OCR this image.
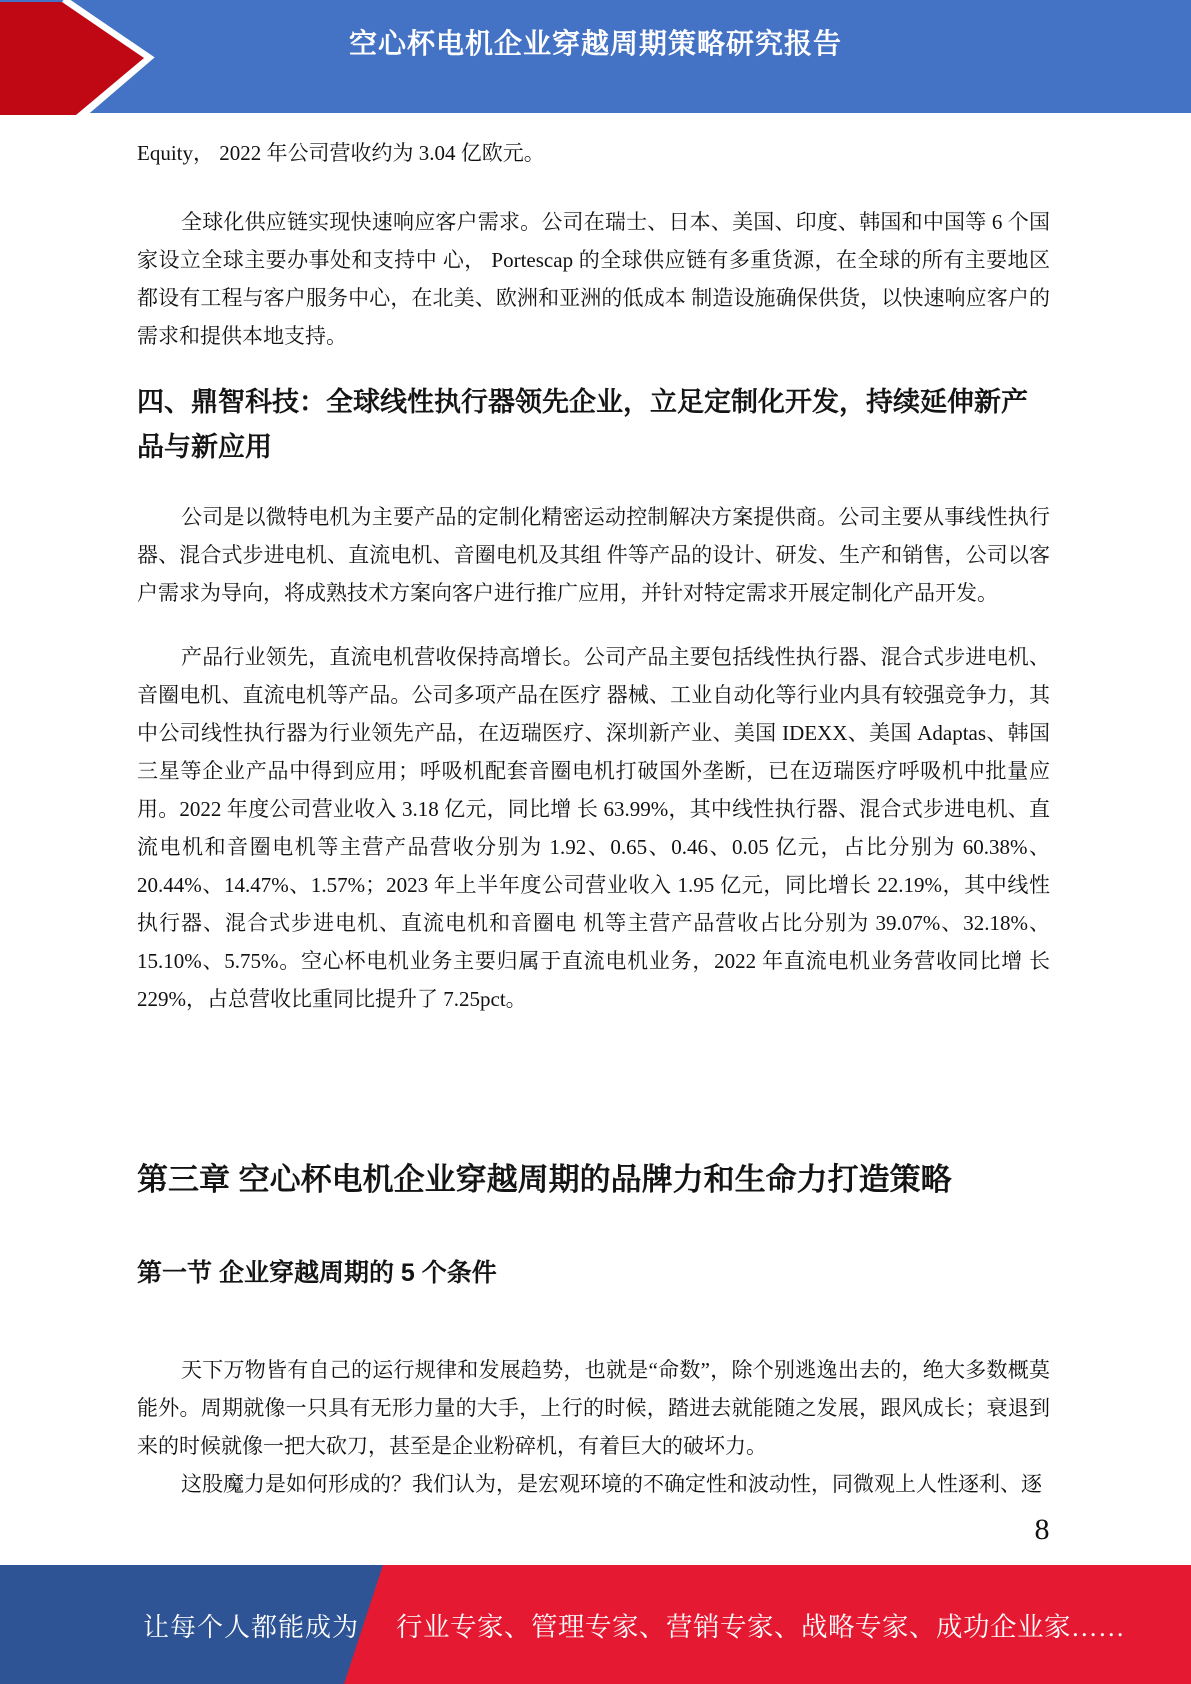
空心杯电机企业穿越周期策略研究报告

Equity， 2022 年公司营收约为 3.04 亿欧元。

全球化供应链实现快速响应客户需求。公司在瑞士、日本、美国、印度、韩国和中国等 6 个国家设立全球主要办事处和支持中 心， Portescap 的全球供应链有多重货源，在全球的所有主要地区都设有工程与客户服务中心，在北美、欧洲和亚洲的低成本 制造设施确保供货，以快速响应客户的需求和提供本地支持。

四、鼎智科技：全球线性执行器领先企业，立足定制化开发，持续延伸新产品与新应用

公司是以微特电机为主要产品的定制化精密运动控制解决方案提供商。公司主要从事线性执行器、混合式步进电机、直流电机、音圈电机及其组 件等产品的设计、研发、生产和销售，公司以客户需求为导向，将成熟技术方案向客户进行推广应用，并针对特定需求开展定制化产品开发。

产品行业领先，直流电机营收保持高增长。公司产品主要包括线性执行器、混合式步进电机、音圈电机、直流电机等产品。公司多项产品在医疗 器械、工业自动化等行业内具有较强竞争力，其中公司线性执行器为行业领先产品，在迈瑞医疗、深圳新产业、美国 IDEXX、美国 Adaptas、韩国三星等企业产品中得到应用；呼吸机配套音圈电机打破国外垄断，已在迈瑞医疗呼吸机中批量应用。2022 年度公司营业收入 3.18 亿元，同比增 长 63.99%，其中线性执行器、混合式步进电机、直流电机和音圈电机等主营产品营收分别为 1.92、0.65、0.46、0.05 亿元，占比分别为 60.38%、20.44%、14.47%、1.57%；2023 年上半年度公司营业收入 1.95 亿元，同比增长 22.19%，其中线性执行器、混合式步进电机、直流电机和音圈电 机等主营产品营收占比分别为 39.07%、32.18%、15.10%、5.75%。空心杯电机业务主要归属于直流电机业务，2022 年直流电机业务营收同比增 长 229%，占总营收比重同比提升了 7.25pct。

第三章 空心杯电机企业穿越周期的品牌力和生命力打造策略
第一节 企业穿越周期的 5 个条件

天下万物皆有自己的运行规律和发展趋势，也就是“命数”，除个别逃逸出去的，绝大多数概莫能外。周期就像一只具有无形力量的大手，上行的时候，踏进去就能随之发展，跟风成长；衰退到来的时候就像一把大砍刀，甚至是企业粉碎机，有着巨大的破坏力。

这股魔力是如何形成的？我们认为，是宏观环境的不确定性和波动性，同微观上人性逐利、逐

8
让每个人都能成为 行业专家、管理专家、营销专家、战略专家、成功企业家……
